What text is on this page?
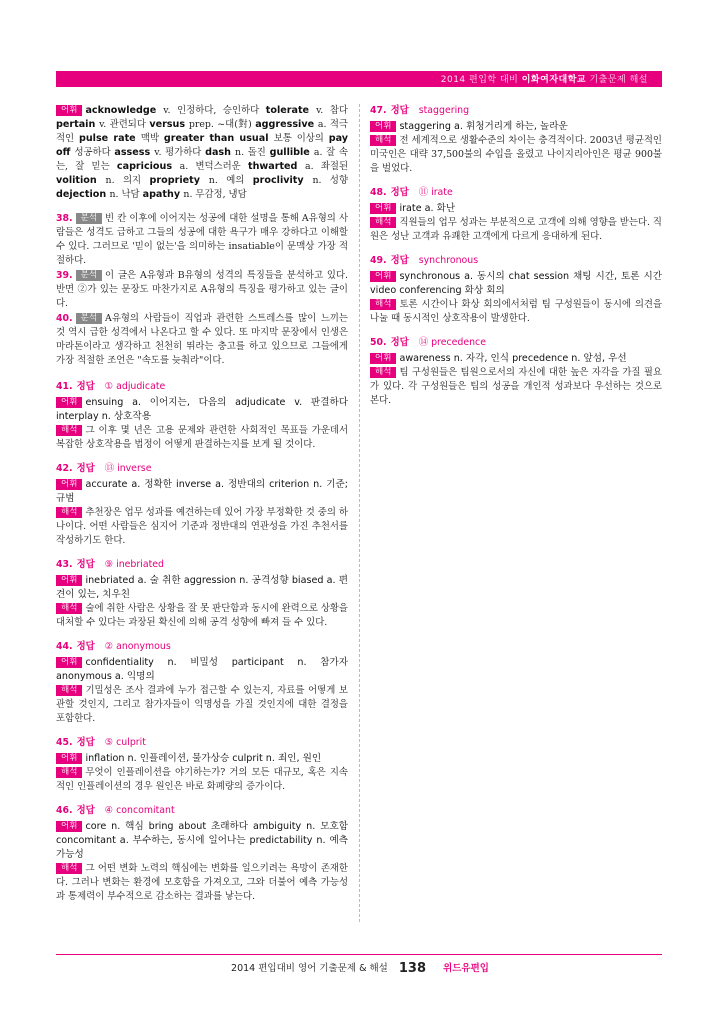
2014 편입학 대비 이화여자대학교 기출문제 해설

어휘 acknowledge v. 인정하다, 승인하다 tolerate v. 참다 pertain v. 관련되다 versus prep. ~대(對) aggressive a. 적극적인 pulse rate 맥박 greater than usual 보통 이상의 pay off 성공하다 assess v. 평가하다 dash n. 돌진 gullible a. 잘 속는, 잘 믿는 capricious a. 변덕스러운 thwarted a. 좌절된 volition n. 의지 propriety n. 예의 proclivity n. 성향 dejection n. 낙담 apathy n. 무감정, 냉담

38. 분석 빈 칸 이후에 이어지는 성공에 대한 설명을 통해 A유형의 사람들은 성격도 급하고 그들의 성공에 대한 욕구가 매우 강하다고 이해할 수 있다. 그러므로 '믿이 없는'을 의미하는 insatiable이 문맥상 가장 적절하다.

39. 분석 이 글은 A유형과 B유형의 성격의 특징들을 분석하고 있다. 반면 ②가 있는 문장도 마찬가지로 A유형의 특징을 평가하고 있는 글이다.

40. 분석 A유형의 사람들이 직업과 관련한 스트레스를 많이 느끼는 것 역시 급한 성격에서 나온다고 할 수 있다. 또 마지막 문장에서 인생은 마라톤이라고 생각하고 천천히 뛰라는 충고를 하고 있으므로 그들에게 가장 적절한 조언은 "속도를 늦춰라"이다.

41. 정답 ① adjudicate

어휘 ensuing a. 이어지는, 다음의 adjudicate v. 판결하다 interplay n. 상호작용

해석 그 이후 몇 년은 고용 문제와 관련한 사회적인 목표들 가운데서 복잡한 상호작용을 법정이 어떻게 판결하는지를 보게 될 것이다.

42. 정답 ⑬ inverse

어휘 accurate a. 정확한 inverse a. 정반대의 criterion n. 기준; 규범

해석 추천장은 업무 성과를 예견하는데 있어 가장 부정확한 것 중의 하나이다. 어떤 사람들은 심지어 기준과 정반대의 연관성을 가진 추천서를 작성하기도 한다.

43. 정답 ⑨ inebriated

어휘 inebriated a. 술 취한 aggression n. 공격성향 biased a. 편견이 있는, 치우친

해석 술에 취한 사람은 상황을 잘 못 판단함과 동시에 완력으로 상황을 대처할 수 있다는 과장된 확신에 의해 공격 성향에 빠져 들 수 있다.

44. 정답 ② anonymous

어휘 confidentiality n. 비밀성 participant n. 참가자 anonymous a. 익명의

해석 기밀성은 조사 결과에 누가 접근할 수 있는지, 자료를 어떻게 보관할 것인지, 그리고 참가자들이 익명성을 가질 것인지에 대한 결정을 포함한다.

45. 정답 ⑤ culprit

어휘 inflation n. 인플레이션, 물가상승 culprit n. 죄인, 원인

해석 무엇이 인플레이션을 야기하는가? 거의 모든 대규모, 혹은 지속적인 인플레이션의 경우 원인은 바로 화폐량의 증가이다.

46. 정답 ④ concomitant

어휘 core n. 핵심 bring about 초래하다 ambiguity n. 모호함 concomitant a. 부수하는, 동시에 일어나는 predictability n. 예측가능성

해석 그 어떤 변화 노력의 핵심에는 변화를 일으키려는 욕망이 존재한다. 그러나 변화는 환경에 모호함을 가져오고, 그와 더불어 예측 가능성과 통제력이 부수적으로 감소하는 결과를 낳는다.

47. 정답 staggering

어휘 staggering a. 휘청거리게 하는, 놀라운

해석 전 세계적으로 생활수준의 차이는 충격적이다. 2003년 평균적인 미국인은 대략 37,500불의 수입을 올렸고 나이지리아인은 평균 900불을 벌었다.

48. 정답 ⑪ irate

어휘 irate a. 화난

해석 직원들의 업무 성과는 부분적으로 고객에 의해 영향을 받는다. 직원은 성난 고객과 유쾌한 고객에게 다르게 응대하게 된다.

49. 정답 synchronous

어휘 synchronous a. 동시의 chat session 채팅 시간, 토론 시간 video conferencing 화상 회의

해석 토론 시간이나 화상 회의에서처럼 팀 구성원들이 동시에 의견을 나눌 때 동시적인 상호작용이 발생한다.

50. 정답 ⑭ precedence

어휘 awareness n. 자각, 인식 precedence n. 앞섬, 우선

해석 팀 구성원들은 팀원으로서의 자신에 대한 높은 자각을 가질 필요가 있다. 각 구성원들은 팀의 성공을 개인적 성과보다 우선하는 것으로 본다.

2014 편입대비 영어 기출문제 & 해설 138 위드유편입
